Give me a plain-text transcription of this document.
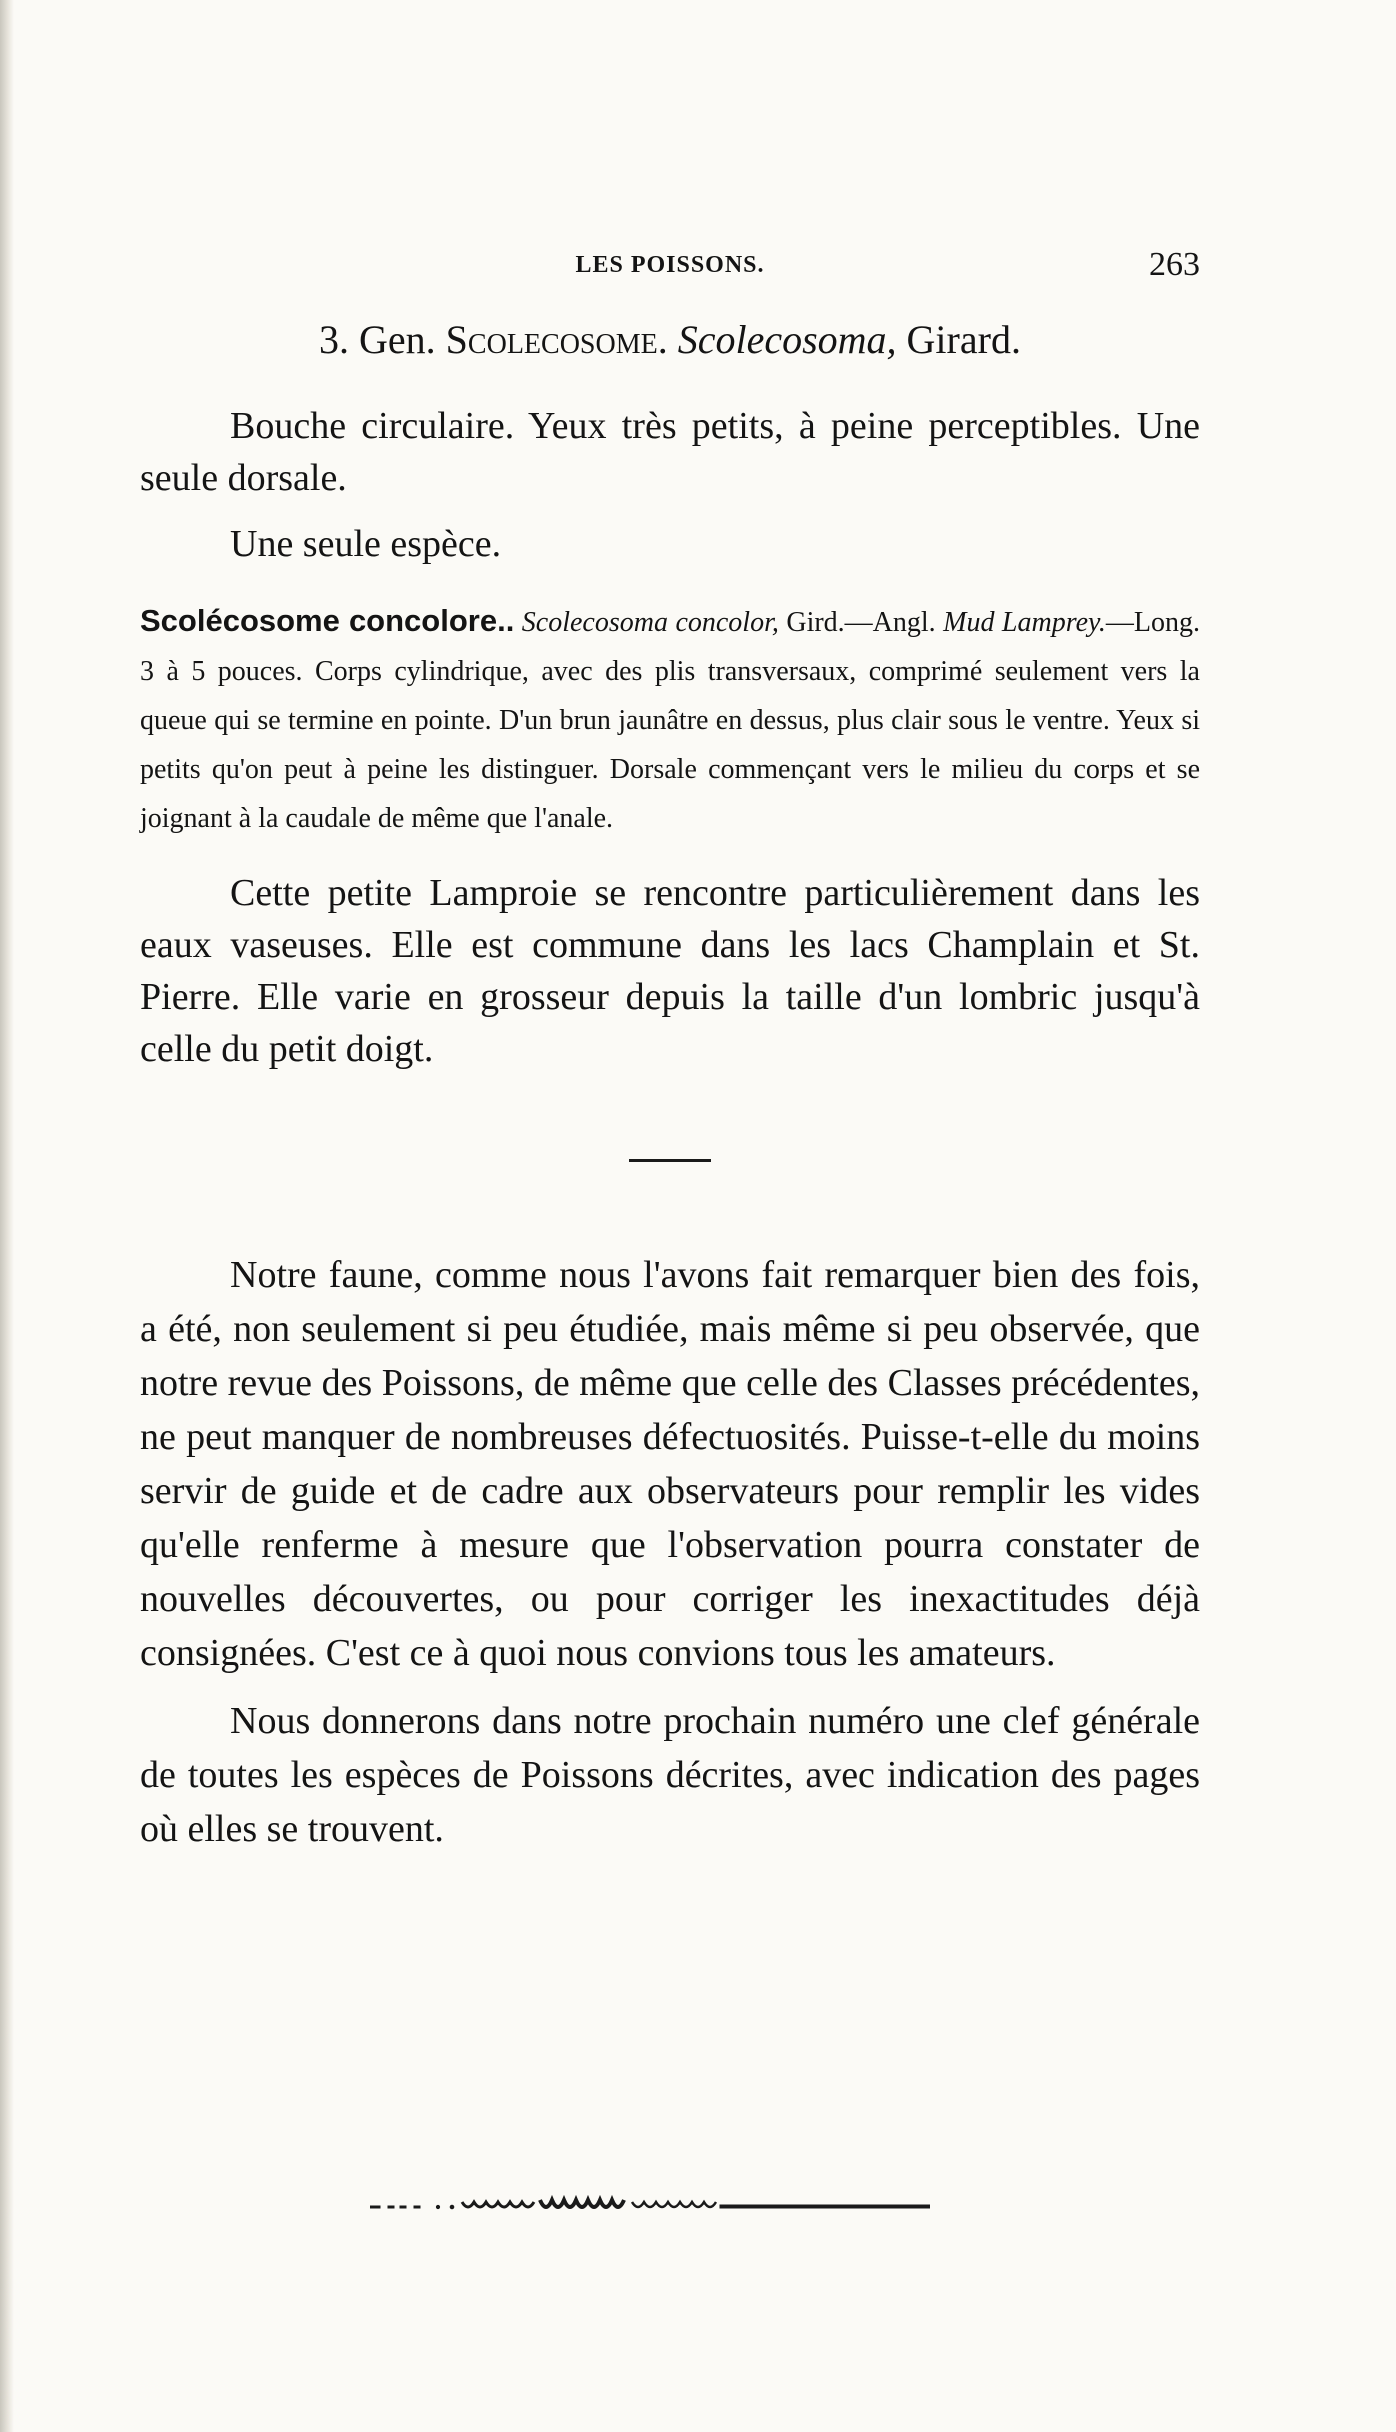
LES POISSONS.	263
3. Gen. Scolecosome. Scolecosoma, Girard.

Bouche circulaire. Yeux très petits, à peine perceptibles. Une seule dorsale.

Une seule espèce.

Scolécosome concolore.. Scolecosoma concolor, Gird.—Angl. Mud Lamprey.—Long. 3 à 5 pouces. Corps cylindrique, avec des plis transversaux, comprimé seulement vers la queue qui se termine en pointe. D'un brun jaunâtre en dessus, plus clair sous le ventre. Yeux si petits qu'on peut à peine les distinguer. Dorsale commençant vers le milieu du corps et se joignant à la caudale de même que l'anale.

Cette petite Lamproie se rencontre particulièrement dans les eaux vaseuses. Elle est commune dans les lacs Champlain et St. Pierre. Elle varie en grosseur depuis la taille d'un lombric jusqu'à celle du petit doigt.

Notre faune, comme nous l'avons fait remarquer bien des fois, a été, non seulement si peu étudiée, mais même si peu observée, que notre revue des Poissons, de même que celle des Classes précédentes, ne peut manquer de nombreuses défectuosités. Puisse-t-elle du moins servir de guide et de cadre aux observateurs pour remplir les vides qu'elle renferme à mesure que l'observation pourra constater de nouvelles découvertes, ou pour corriger les inexactitudes déjà consignées. C'est ce à quoi nous convions tous les amateurs.

Nous donnerons dans notre prochain numéro une clef générale de toutes les espèces de Poissons décrites, avec indication des pages où elles se trouvent.
